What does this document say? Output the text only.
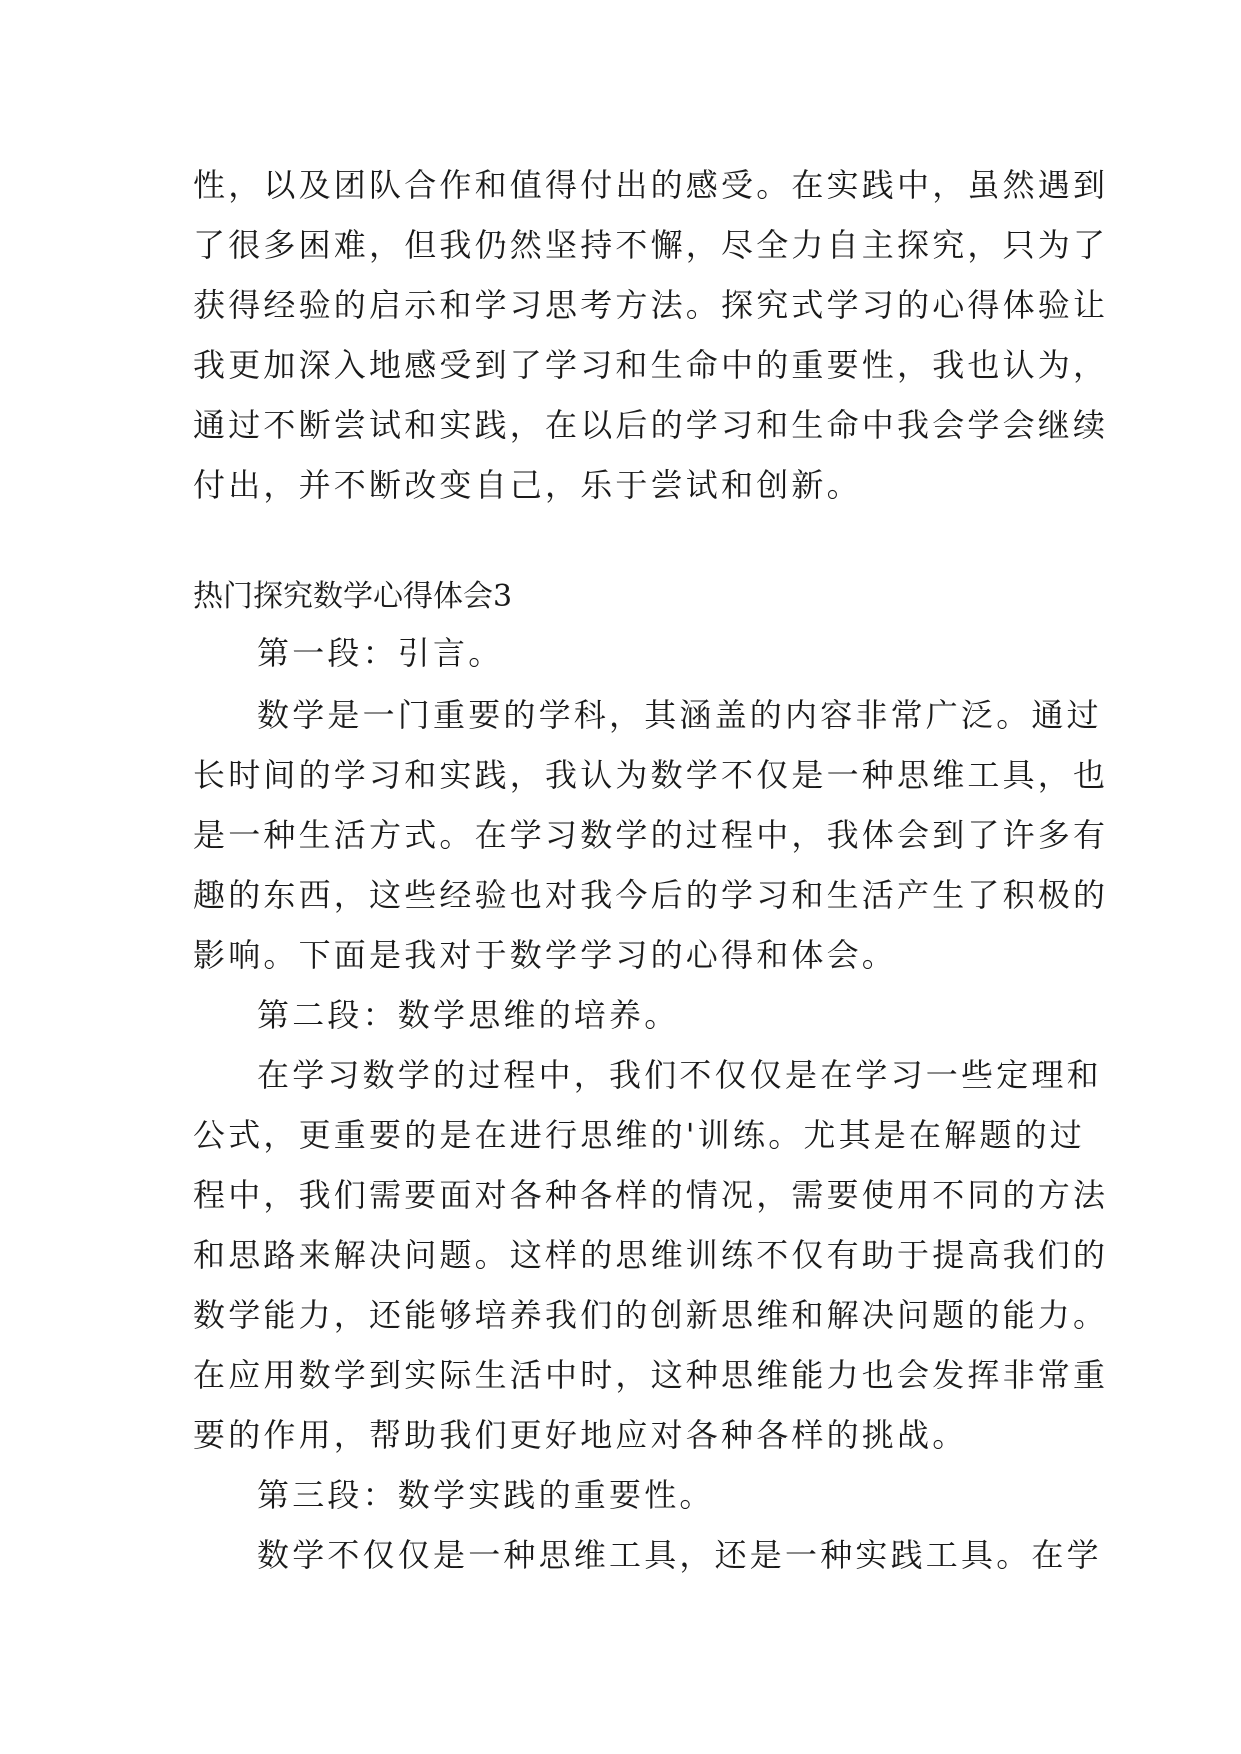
性，以及团队合作和值得付出的感受。在实践中，虽然遇到
了很多困难，但我仍然坚持不懈，尽全力自主探究，只为了
获得经验的启示和学习思考方法。探究式学习的心得体验让
我更加深入地感受到了学习和生命中的重要性，我也认为，
通过不断尝试和实践，在以后的学习和生命中我会学会继续
付出，并不断改变自己，乐于尝试和创新。
热门探究数学心得体会3
第一段：引言。
数学是一门重要的学科，其涵盖的内容非常广泛。通过
长时间的学习和实践，我认为数学不仅是一种思维工具，也
是一种生活方式。在学习数学的过程中，我体会到了许多有
趣的东西，这些经验也对我今后的学习和生活产生了积极的
影响。下面是我对于数学学习的心得和体会。
第二段：数学思维的培养。
在学习数学的过程中，我们不仅仅是在学习一些定理和
公式，更重要的是在进行思维的'训练。尤其是在解题的过
程中，我们需要面对各种各样的情况，需要使用不同的方法
和思路来解决问题。这样的思维训练不仅有助于提高我们的
数学能力，还能够培养我们的创新思维和解决问题的能力。
在应用数学到实际生活中时，这种思维能力也会发挥非常重
要的作用，帮助我们更好地应对各种各样的挑战。
第三段：数学实践的重要性。
数学不仅仅是一种思维工具，还是一种实践工具。在学
